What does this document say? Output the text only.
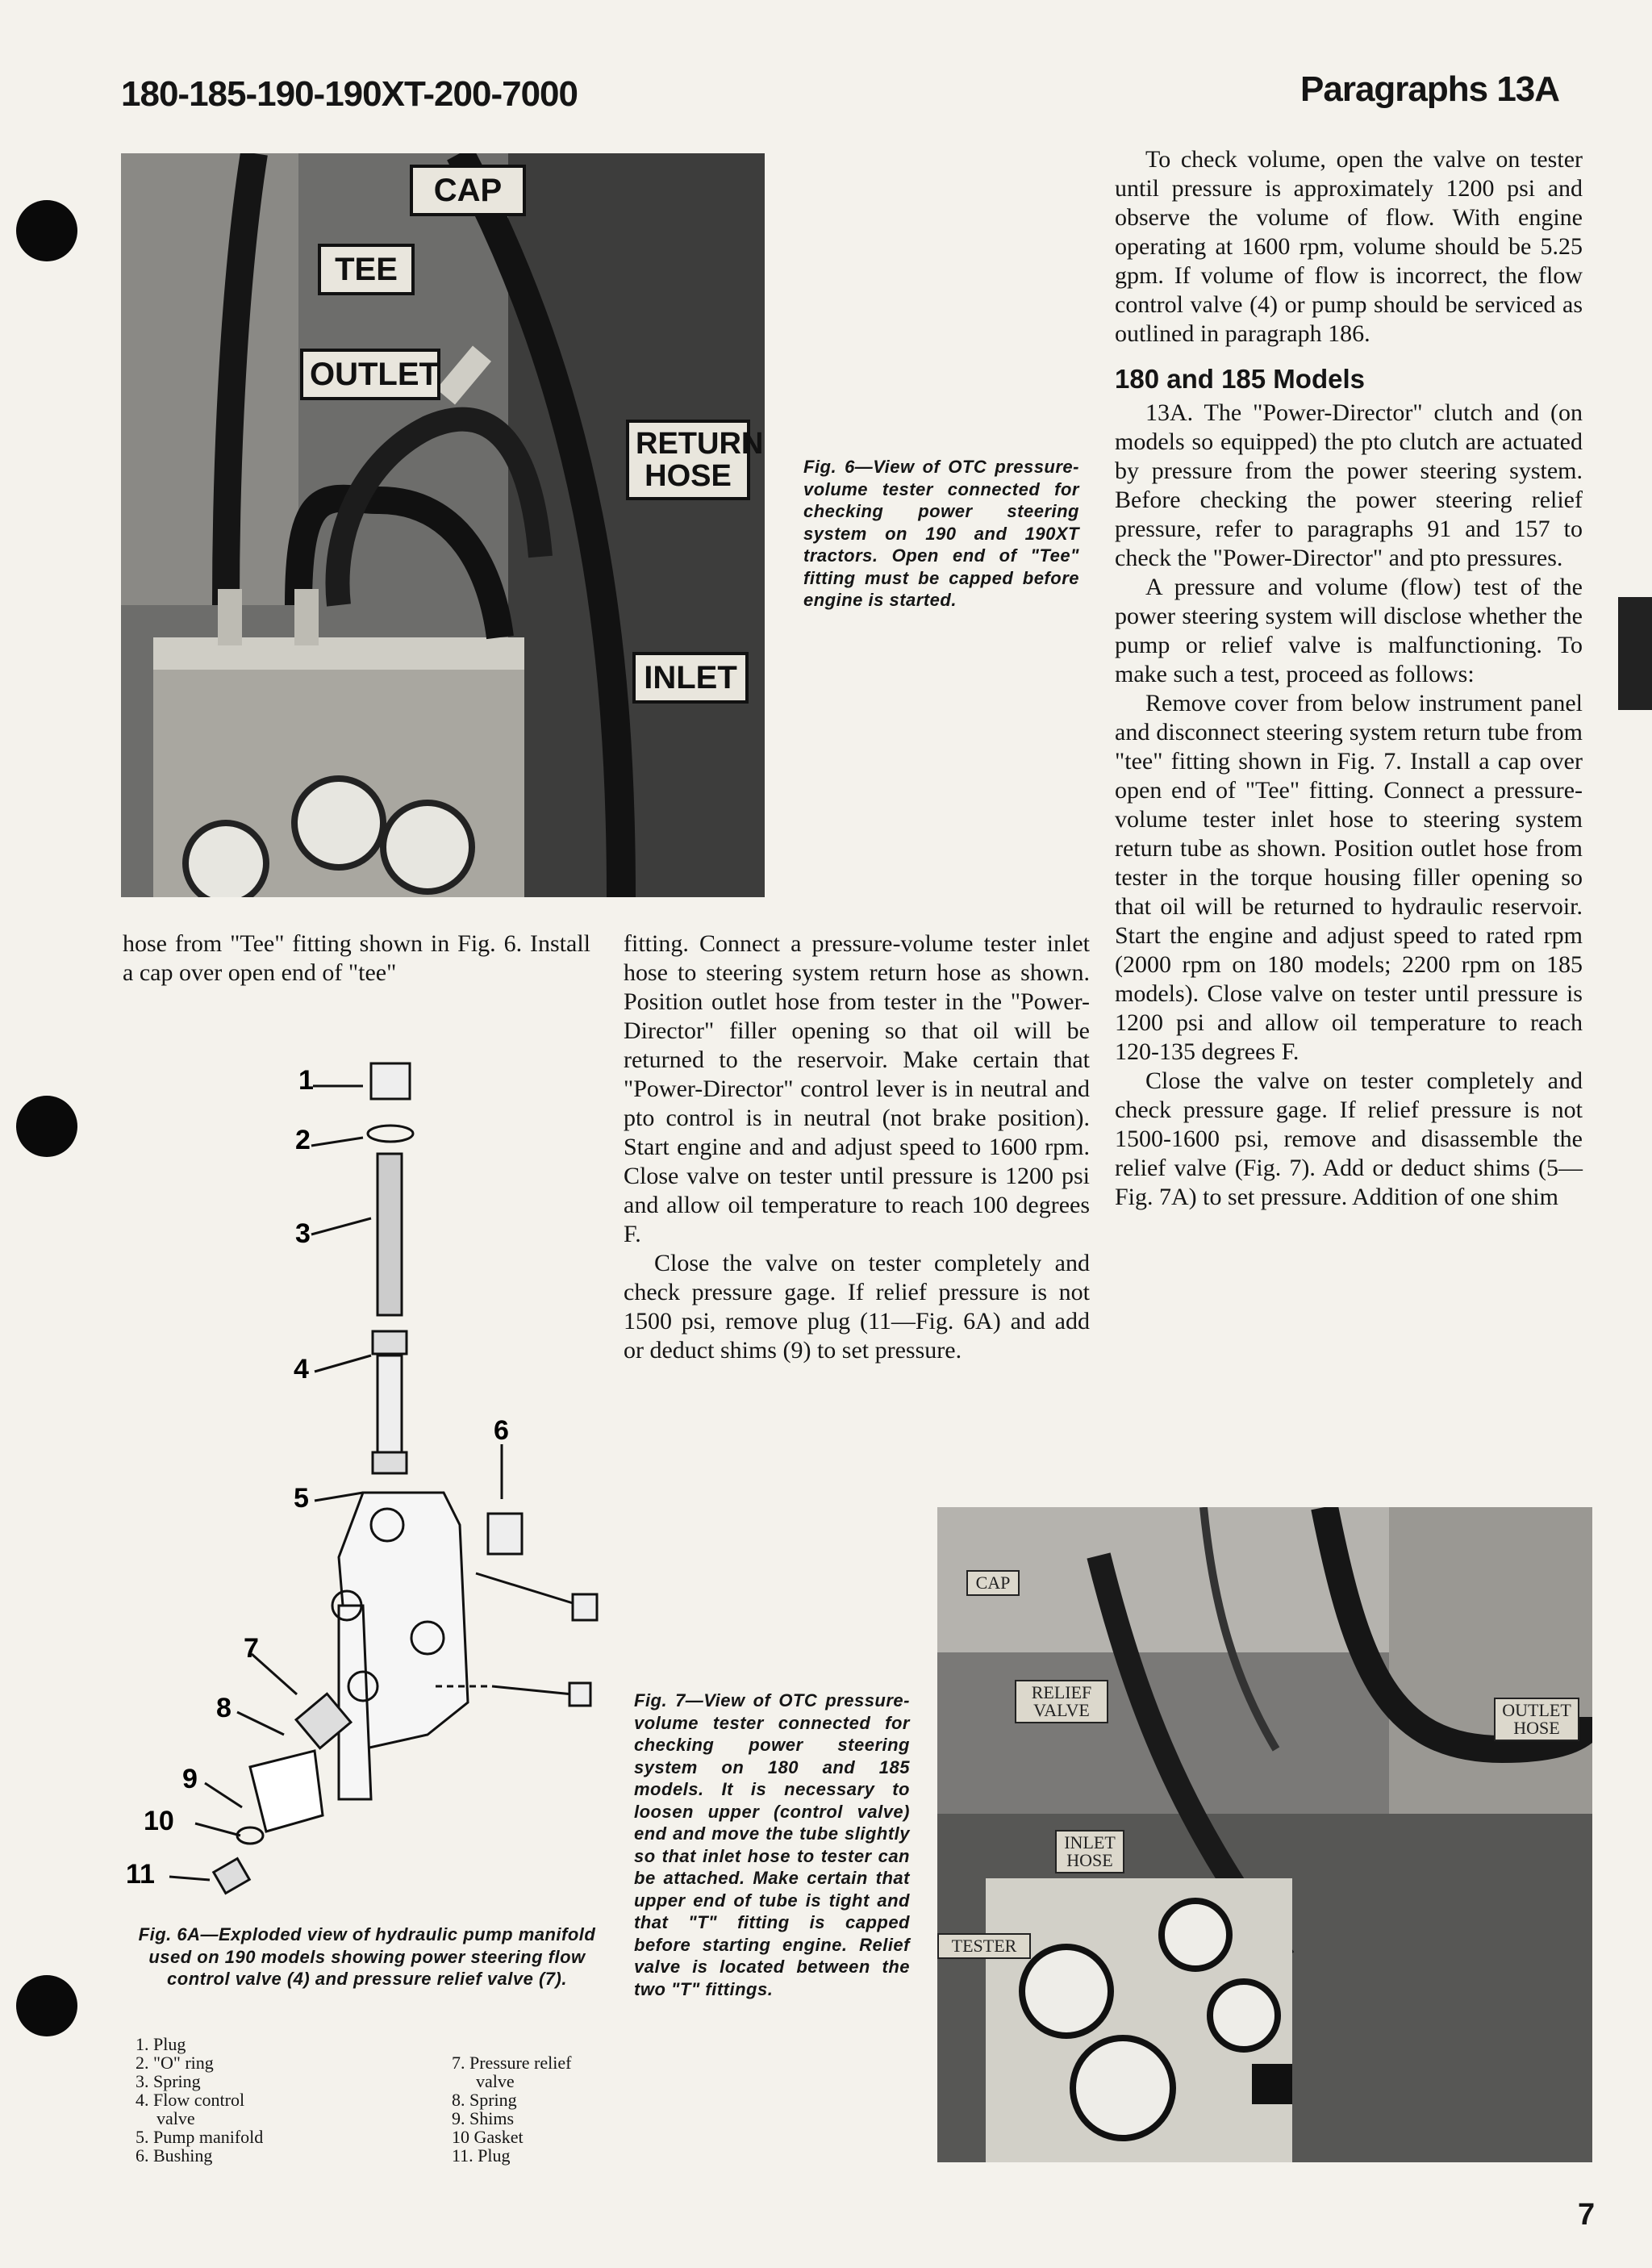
180-185-190-190XT-200-7000	Paragraphs 13A
CAP
TEE
OUTLET
RETURN HOSE
INLET
Fig. 6—View of OTC pressure-volume tester connected for checking power steering system on 190 and 190XT tractors. Open end of "Tee" fitting must be capped before engine is started.

hose from "Tee" fitting shown in Fig. 6. Install a cap over open end of "tee"

fitting. Connect a pressure-volume tester inlet hose to steering system return hose as shown. Position outlet hose from tester in the "Power-Director" filler opening so that oil will be returned to the reservoir. Make certain that "Power-Director" control lever is in neutral and pto control is in neutral (not brake position). Start engine and and adjust speed to 1600 rpm. Close valve on tester until pressure is 1200 psi and allow oil temperature to reach 100 degrees F.

Close the valve on tester completely and check pressure gage. If relief pressure is not 1500 psi, remove plug (11—Fig. 6A) and add or deduct shims (9) to set pressure.

To check volume, open the valve on tester until pressure is approximately 1200 psi and observe the volume of flow. With engine operating at 1600 rpm, volume should be 5.25 gpm. If volume of flow is incorrect, the flow control valve (4) or pump should be serviced as outlined in paragraph 186.

180 and 185 Models

13A. The "Power-Director" clutch and (on models so equipped) the pto clutch are actuated by pressure from the power steering system. Before checking the power steering relief pressure, refer to paragraphs 91 and 157 to check the "Power-Director" and pto pressures.

A pressure and volume (flow) test of the power steering system will disclose whether the pump or relief valve is malfunctioning. To make such a test, proceed as follows:

Remove cover from below instrument panel and disconnect steering system return tube from "tee" fitting shown in Fig. 7. Install a cap over open end of "Tee" fitting. Connect a pressure-volume tester inlet hose to steering system return tube as shown. Position outlet hose from tester in the torque housing filler opening so that oil will be returned to hydraulic reservoir. Start the engine and adjust speed to rated rpm (2000 rpm on 180 models; 2200 rpm on 185 models). Close valve on tester until pressure is 1200 psi and allow oil temperature to reach 120-135 degrees F.

Close the valve on tester completely and check pressure gage. If relief pressure is not 1500-1600 psi, remove and disassemble the relief valve (Fig. 7). Add or deduct shims (5—Fig. 7A) to set pressure. Addition of one shim

1
2
3
4
5
6
7
8
9
10
11
Fig. 6A—Exploded view of hydraulic pump manifold used on 190 models showing power steering flow control valve (4) and pressure relief valve (7).
1. Plug
2. "O" ring
3. Spring
4. Flow control
valve
5. Pump manifold
6. Bushing
7. Pressure relief
valve
8. Spring
9. Shims
10 Gasket
11. Plug
Fig. 7—View of OTC pressure-volume tester connected for checking power steering system on 180 and 185 models. It is necessary to loosen upper (control valve) end and move the tube slightly so that inlet hose to tester can be attached. Make certain that upper end of tube is tight and that "T" fitting is capped before starting engine. Relief valve is located between the two "T" fittings.
CAP
RELIEF VALVE	OUTLET HOSE
INLET HOSE
TESTER
7
